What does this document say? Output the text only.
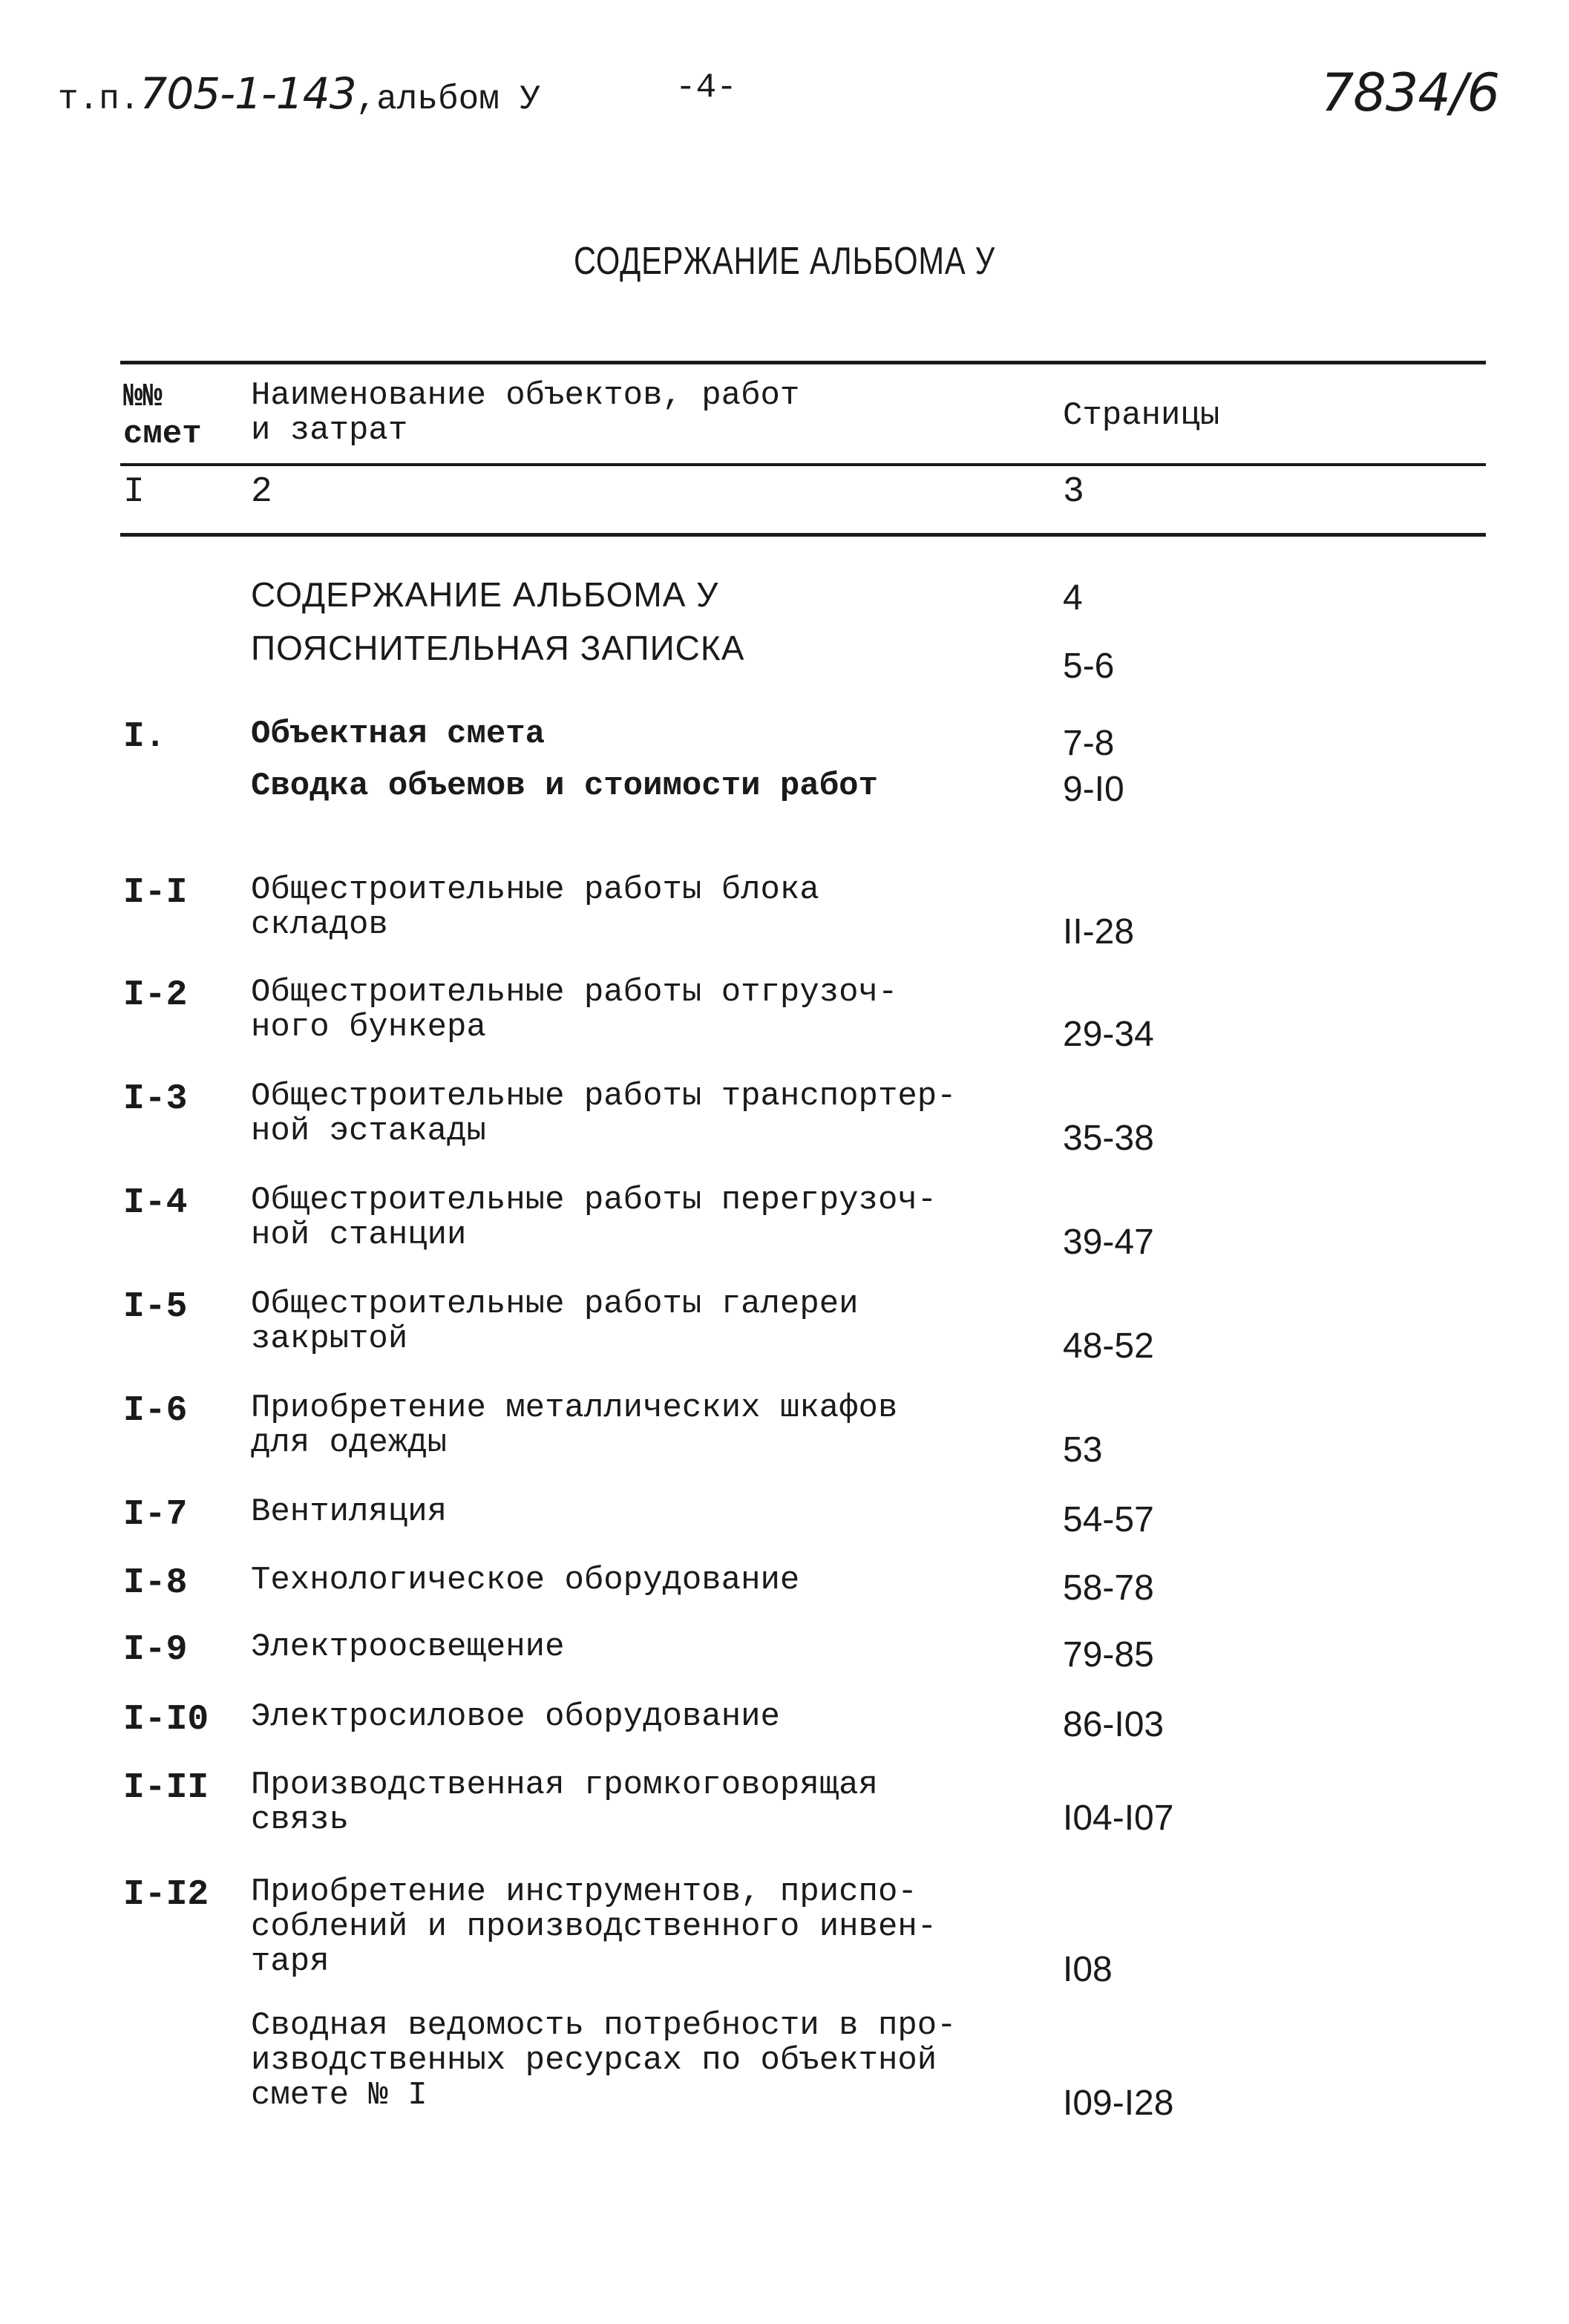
т.п.705-1-143,альбом У	-4-	7834/6
СОДЕРЖАНИЕ АЛЬБОМА У
№№
смет
Наименование объектов, работ
и затрат	Страницы
I	2	3
СОДЕРЖАНИЕ АЛЬБОМА У	4
ПОЯСНИТЕЛЬНАЯ ЗАПИСКА	5-6
I.	Объектная смета	7-8
Сводка объемов и стоимости работ	9-I0
I-I Общестроительные работы блока
складов	II-28
I-2 Общестроительные работы отгрузоч-
ного бункера	29-34
I-3 Общестроительные работы транспортер-
ной эстакады	35-38
I-4 Общестроительные работы перегрузоч-
ной станции	39-47
I-5 Общестроительные работы галереи
закрытой	48-52
I-6 Приобретение металлических шкафов
для одежды	53
I-7 Вентиляция	54-57
I-8 Технологическое оборудование	58-78
I-9 Электроосвещение	79-85
I-I0 Электросиловое оборудование	86-I03
I-II Производственная громкоговорящая
связь	I04-I07
I-I2 Приобретение инструментов, приспо-
соблений и производственного инвен-
таря	I08
Сводная ведомость потребности в про-
изводственных ресурсах по объектной
смете № I	I09-I28
